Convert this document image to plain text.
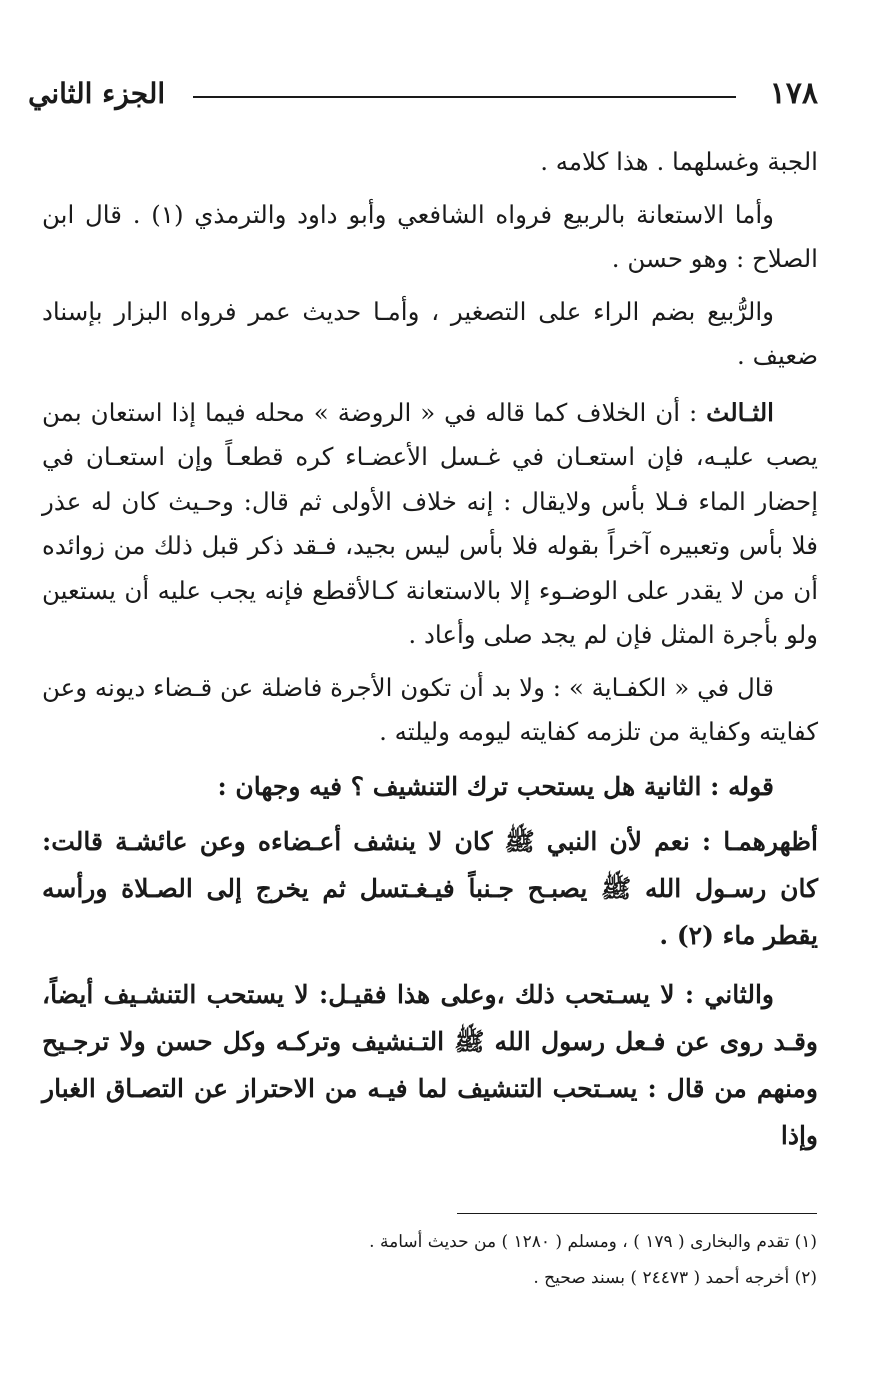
١٧٨
الجزء الثاني

الجبة وغسلهما . هذا كلامه .

وأما الاستعانة بالربيع فرواه الشافعي وأبو داود والترمذي (١) . قال ابن الصلاح : وهو حسن .

والرُّبيع بضم الراء على التصغير ، وأمـا حديث عمر فرواه البزار بإسناد ضعيف .

الثـالث : أن الخلاف كما قاله في « الروضة » محله فيما إذا استعان بمن يصب عليـه، فإن استعـان في غـسل الأعضـاء كره قطعـاً وإن استعـان في إحضار الماء فـلا بأس ولايقال : إنه خلاف الأولى ثم قال: وحـيث كان له عذر فلا بأس وتعبيره آخراً بقوله فلا بأس ليس بجيد، فـقد ذكر قبل ذلك من زوائده أن من لا يقدر على الوضـوء إلا بالاستعانة كـالأقطع فإنه يجب عليه أن يستعين ولو بأجرة المثل فإن لم يجد صلى وأعاد .

قال في « الكفـاية » : ولا بد أن تكون الأجرة فاضلة عن قـضاء ديونه وعن كفايته وكفاية من تلزمه كفايته ليومه وليلته .

قوله : الثانية هل يستحب ترك التنشيف ؟ فيه وجهان :

أظهرهمـا : نعم لأن النبي ﷺ كان لا ينشف أعـضاءه وعن عائشـة قالت: كان رسـول الله ﷺ يصبـح جـنباً فيـغـتسل ثم يخرج إلى الصـلاة ورأسه يقطر ماء (٢) .

والثاني : لا يسـتحب ذلك ،وعلى هذا فقيـل: لا يستحب التنشـيف أيضاً، وقـد روى عن فـعل رسول الله ﷺ التـنشيف وتركـه وكل حسن ولا ترجـيح ومنهم من قال : يسـتحب التنشيف لما فيـه من الاحتراز عن التصـاق الغبار وإذا

(١) تقدم والبخارى ( ١٧٩ ) ، ومسلم ( ١٢٨٠ ) من حديث أسامة .

(٢) أخرجه أحمد ( ٢٤٤٧٣ ) بسند صحيح .
